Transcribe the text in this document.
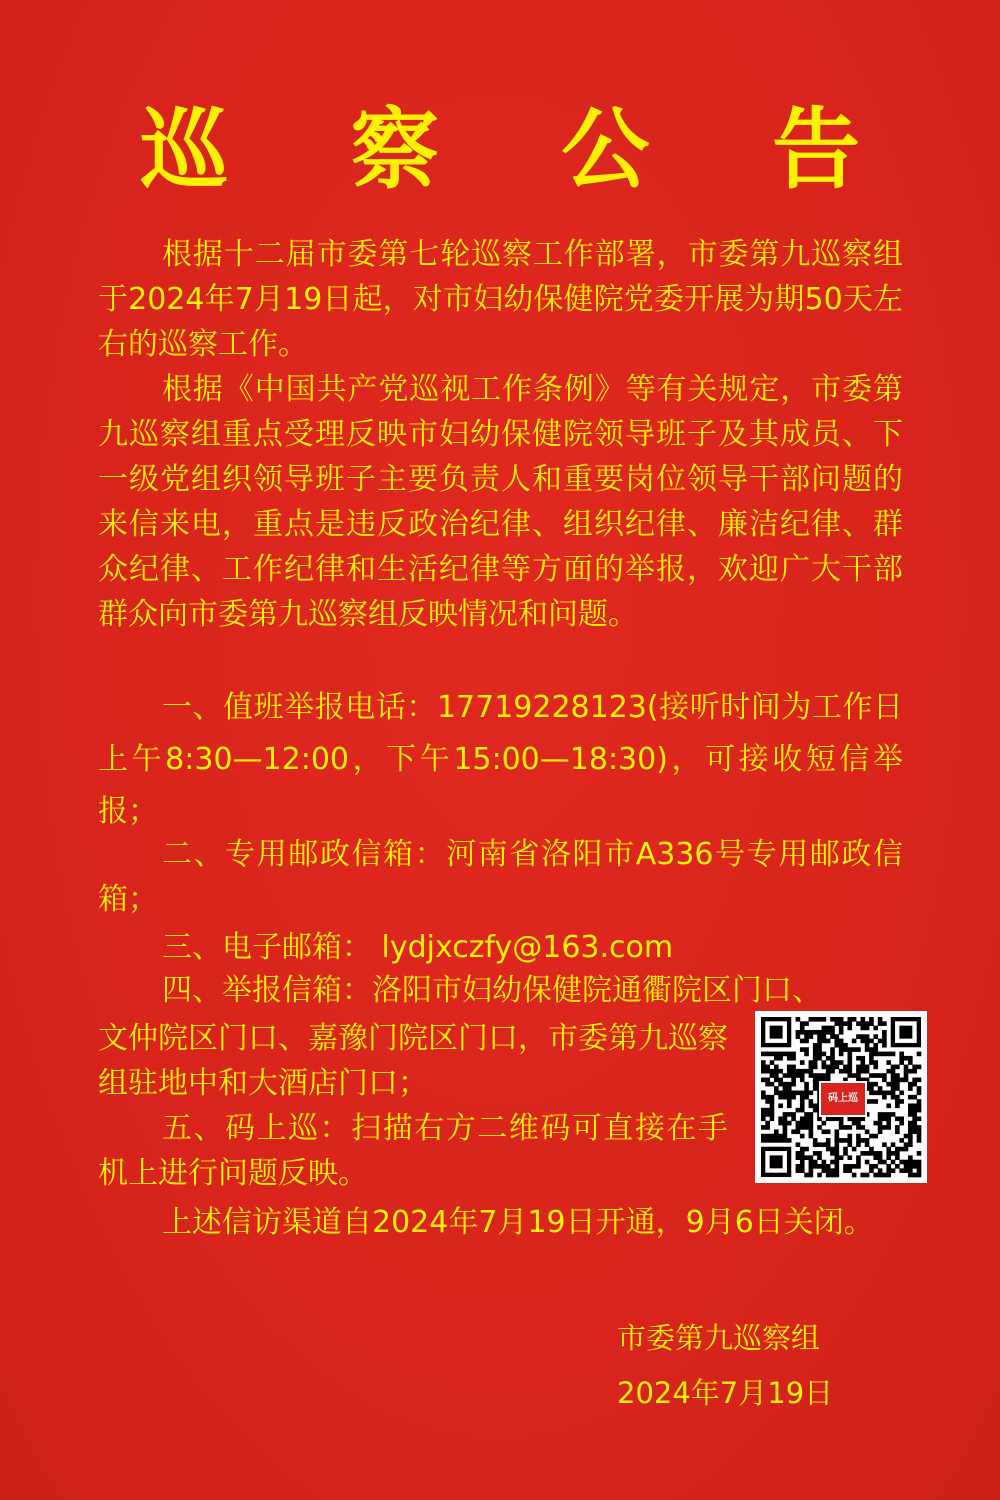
巡 察 公 告

根据十二届市委第七轮巡察工作部署，市委第九巡察组于2024年7月19日起，对市妇幼保健院党委开展为期50天左右的巡察工作。

根据《中国共产党巡视工作条例》等有关规定，市委第九巡察组重点受理反映市妇幼保健院领导班子及其成员、下一级党组织领导班子主要负责人和重要岗位领导干部问题的来信来电，重点是违反政治纪律、组织纪律、廉洁纪律、群众纪律、工作纪律和生活纪律等方面的举报，欢迎广大干部群众向市委第九巡察组反映情况和问题。

一、值班举报电话：17719228123(接听时间为工作日上午8:30—12:00，下午15:00—18:30)，可接收短信举报；

二、专用邮政信箱：河南省洛阳市A336号专用邮政信箱；

三、电子邮箱： lydjxczfy@163.com

四、举报信箱：洛阳市妇幼保健院通衢院区门口、

文仲院区门口、嘉豫门院区门口，市委第九巡察组驻地中和大酒店门口；

五、码上巡：扫描右方二维码可直接在手机上进行问题反映。

上述信访渠道自2024年7月19日开通，9月6日关闭。

码上巡
市委第九巡察组
2024年7月19日
